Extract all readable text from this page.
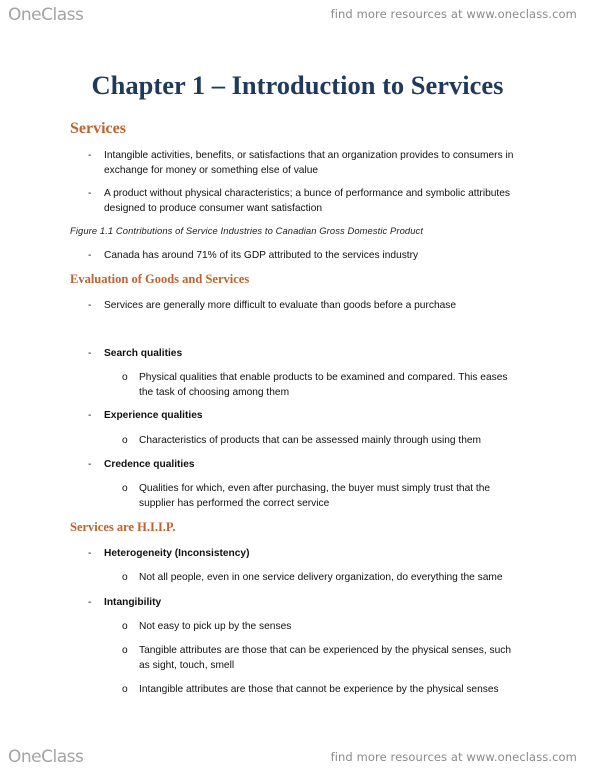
OneClass	find more resources at www.oneclass.com
Chapter 1 – Introduction to Services
Services
-	Intangible activities, benefits, or satisfactions that an organization provides to consumers in exchange for money or something else of value
-	A product without physical characteristics; a bunce of performance and symbolic attributes designed to produce consumer want satisfaction
Figure 1.1 Contributions of Service Industries to Canadian Gross Domestic Product
-	Canada has around 71% of its GDP attributed to the services industry
Evaluation of Goods and Services
-	Services are generally more difficult to evaluate than goods before a purchase
-	Search qualities
o	Physical qualities that enable products to be examined and compared. This eases the task of choosing among them
-	Experience qualities
o	Characteristics of products that can be assessed mainly through using them
-	Credence qualities
o	Qualities for which, even after purchasing, the buyer must simply trust that the supplier has performed the correct service
Services are H.I.I.P.
-	Heterogeneity (Inconsistency)
o	Not all people, even in one service delivery organization, do everything the same
-	Intangibility
o	Not easy to pick up by the senses
o	Tangible attributes are those that can be experienced by the physical senses, such as sight, touch, smell
o	Intangible attributes are those that cannot be experience by the physical senses
OneClass	find more resources at www.oneclass.com
